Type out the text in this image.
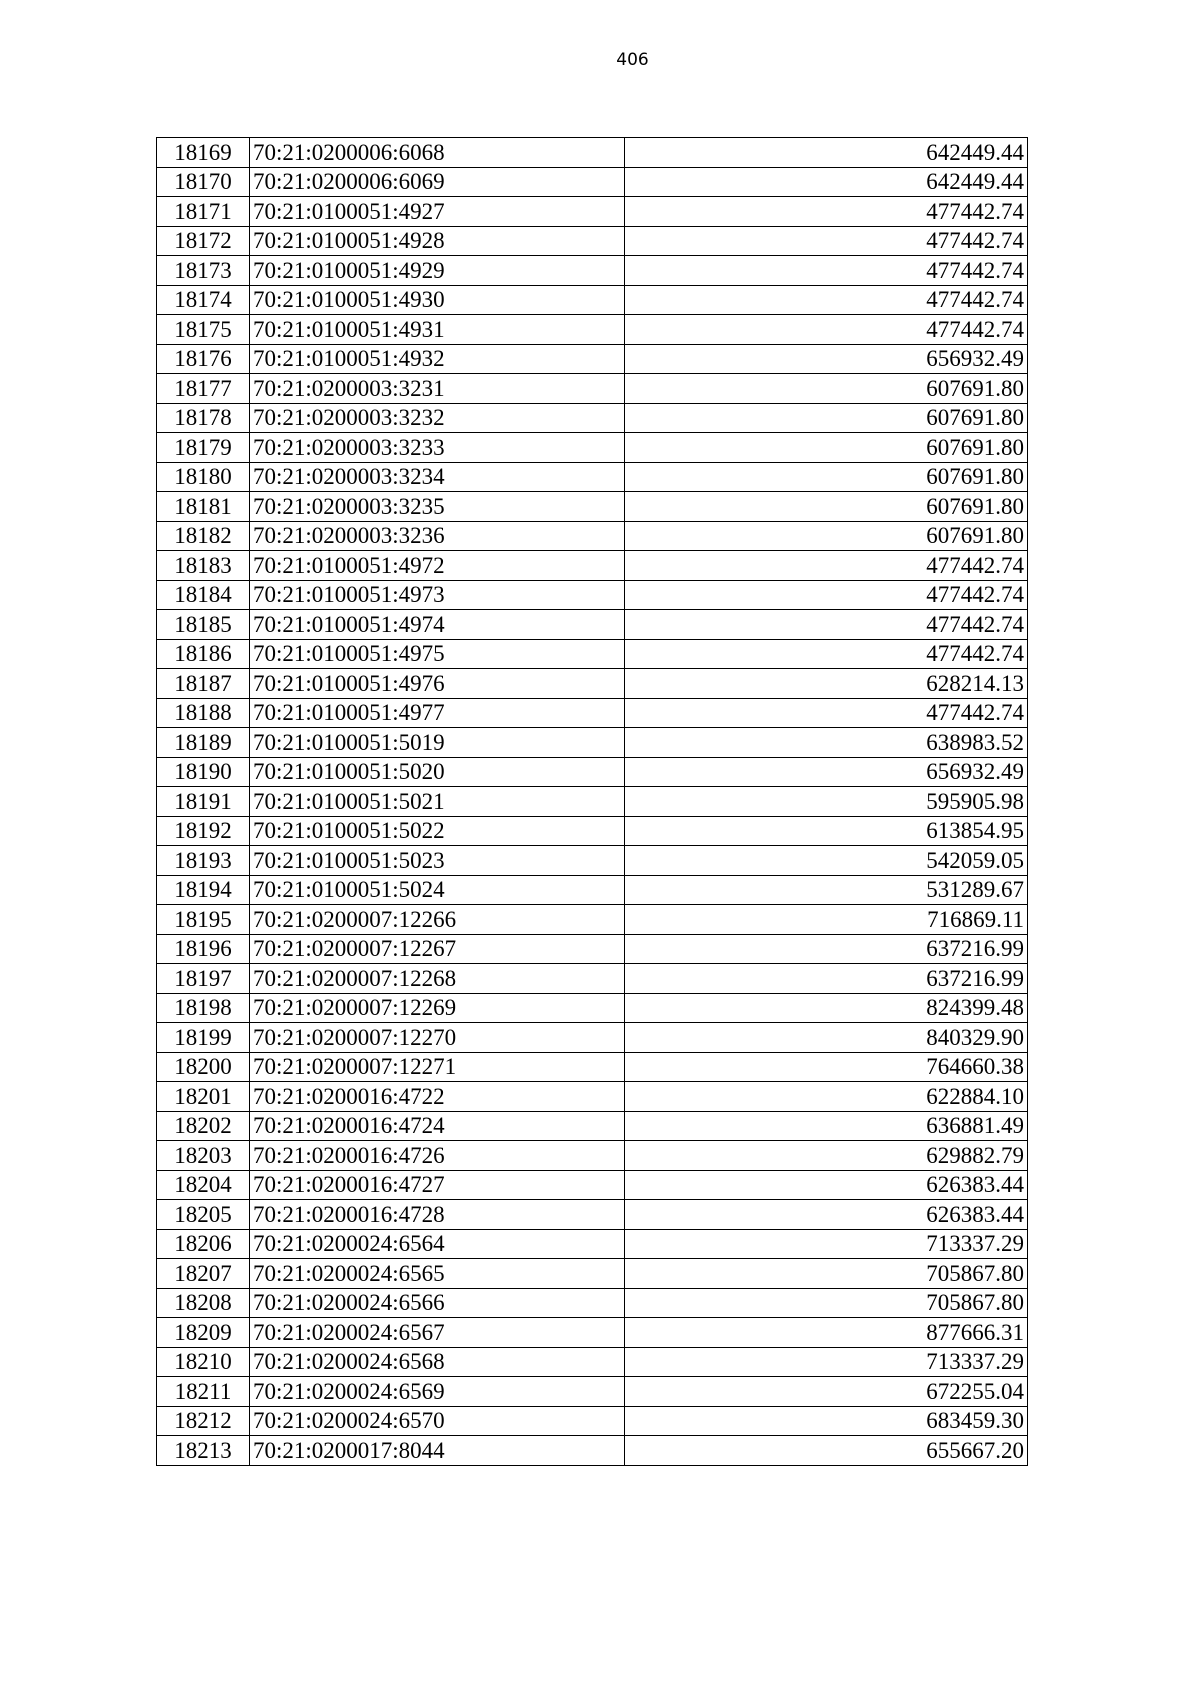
406
18169	70:21:0200006:6068	642449.44
18170	70:21:0200006:6069	642449.44
18171	70:21:0100051:4927	477442.74
18172	70:21:0100051:4928	477442.74
18173	70:21:0100051:4929	477442.74
18174	70:21:0100051:4930	477442.74
18175	70:21:0100051:4931	477442.74
18176	70:21:0100051:4932	656932.49
18177	70:21:0200003:3231	607691.80
18178	70:21:0200003:3232	607691.80
18179	70:21:0200003:3233	607691.80
18180	70:21:0200003:3234	607691.80
18181	70:21:0200003:3235	607691.80
18182	70:21:0200003:3236	607691.80
18183	70:21:0100051:4972	477442.74
18184	70:21:0100051:4973	477442.74
18185	70:21:0100051:4974	477442.74
18186	70:21:0100051:4975	477442.74
18187	70:21:0100051:4976	628214.13
18188	70:21:0100051:4977	477442.74
18189	70:21:0100051:5019	638983.52
18190	70:21:0100051:5020	656932.49
18191	70:21:0100051:5021	595905.98
18192	70:21:0100051:5022	613854.95
18193	70:21:0100051:5023	542059.05
18194	70:21:0100051:5024	531289.67
18195	70:21:0200007:12266	716869.11
18196	70:21:0200007:12267	637216.99
18197	70:21:0200007:12268	637216.99
18198	70:21:0200007:12269	824399.48
18199	70:21:0200007:12270	840329.90
18200	70:21:0200007:12271	764660.38
18201	70:21:0200016:4722	622884.10
18202	70:21:0200016:4724	636881.49
18203	70:21:0200016:4726	629882.79
18204	70:21:0200016:4727	626383.44
18205	70:21:0200016:4728	626383.44
18206	70:21:0200024:6564	713337.29
18207	70:21:0200024:6565	705867.80
18208	70:21:0200024:6566	705867.80
18209	70:21:0200024:6567	877666.31
18210	70:21:0200024:6568	713337.29
18211	70:21:0200024:6569	672255.04
18212	70:21:0200024:6570	683459.30
18213	70:21:0200017:8044	655667.20
